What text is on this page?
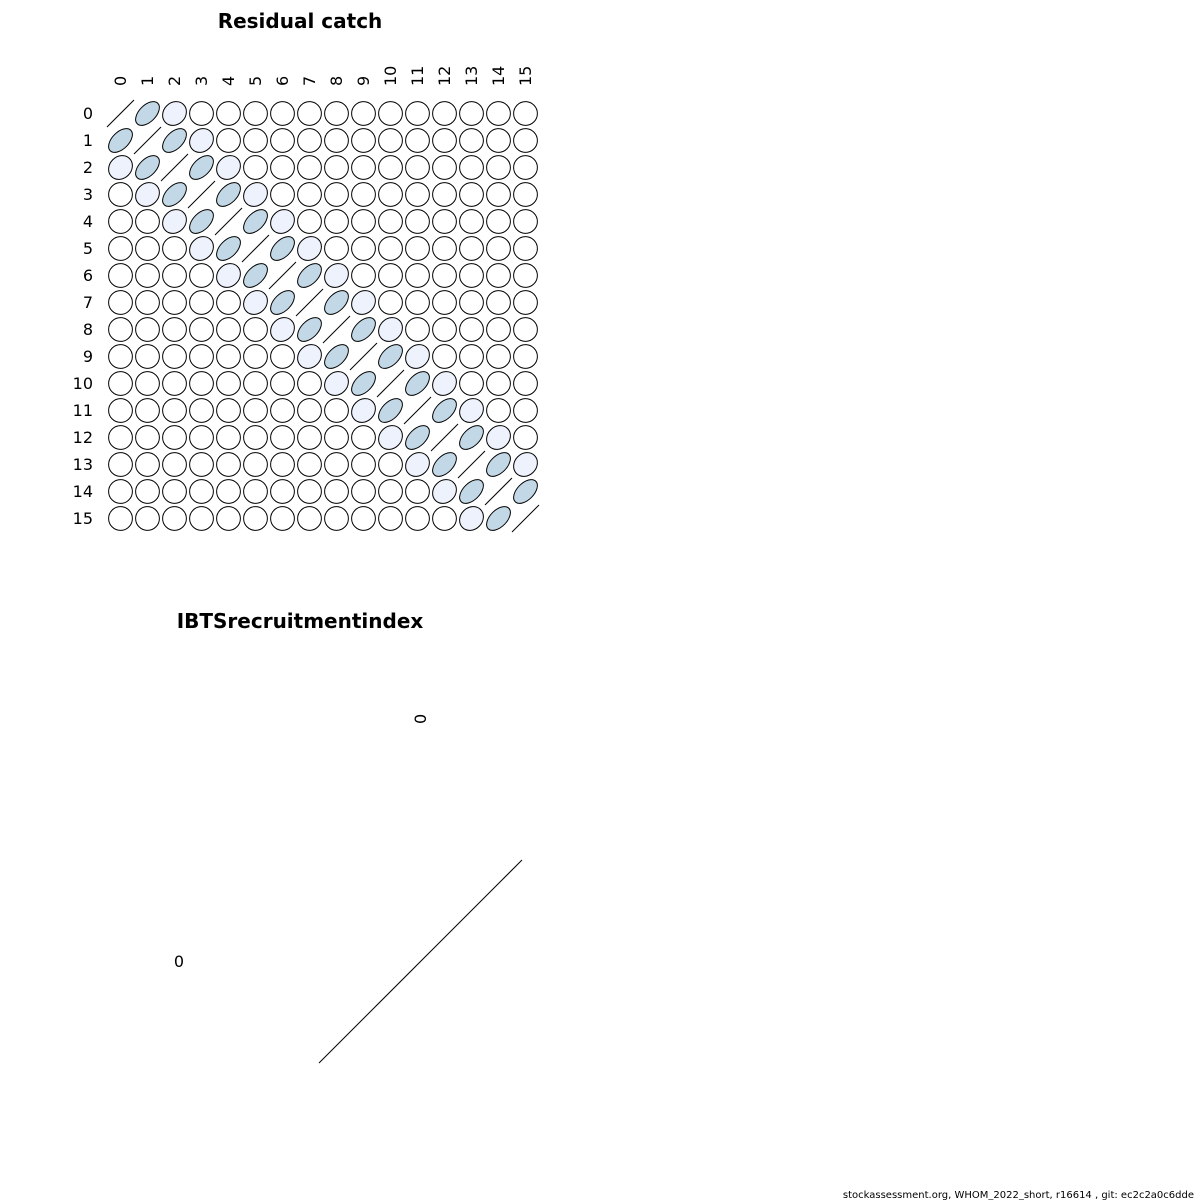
Residual catch
0 1 2 3 4 5 6 7 8 9 10 11 12 13 14 15
0
1
2
3
4
5
6
7
8
9
10
11
12
13
14
15
IBTSrecruitmentindex
0
0
stockassessment.org, WHOM_2022_short, r16614 , git: ec2c2a0c6dde
